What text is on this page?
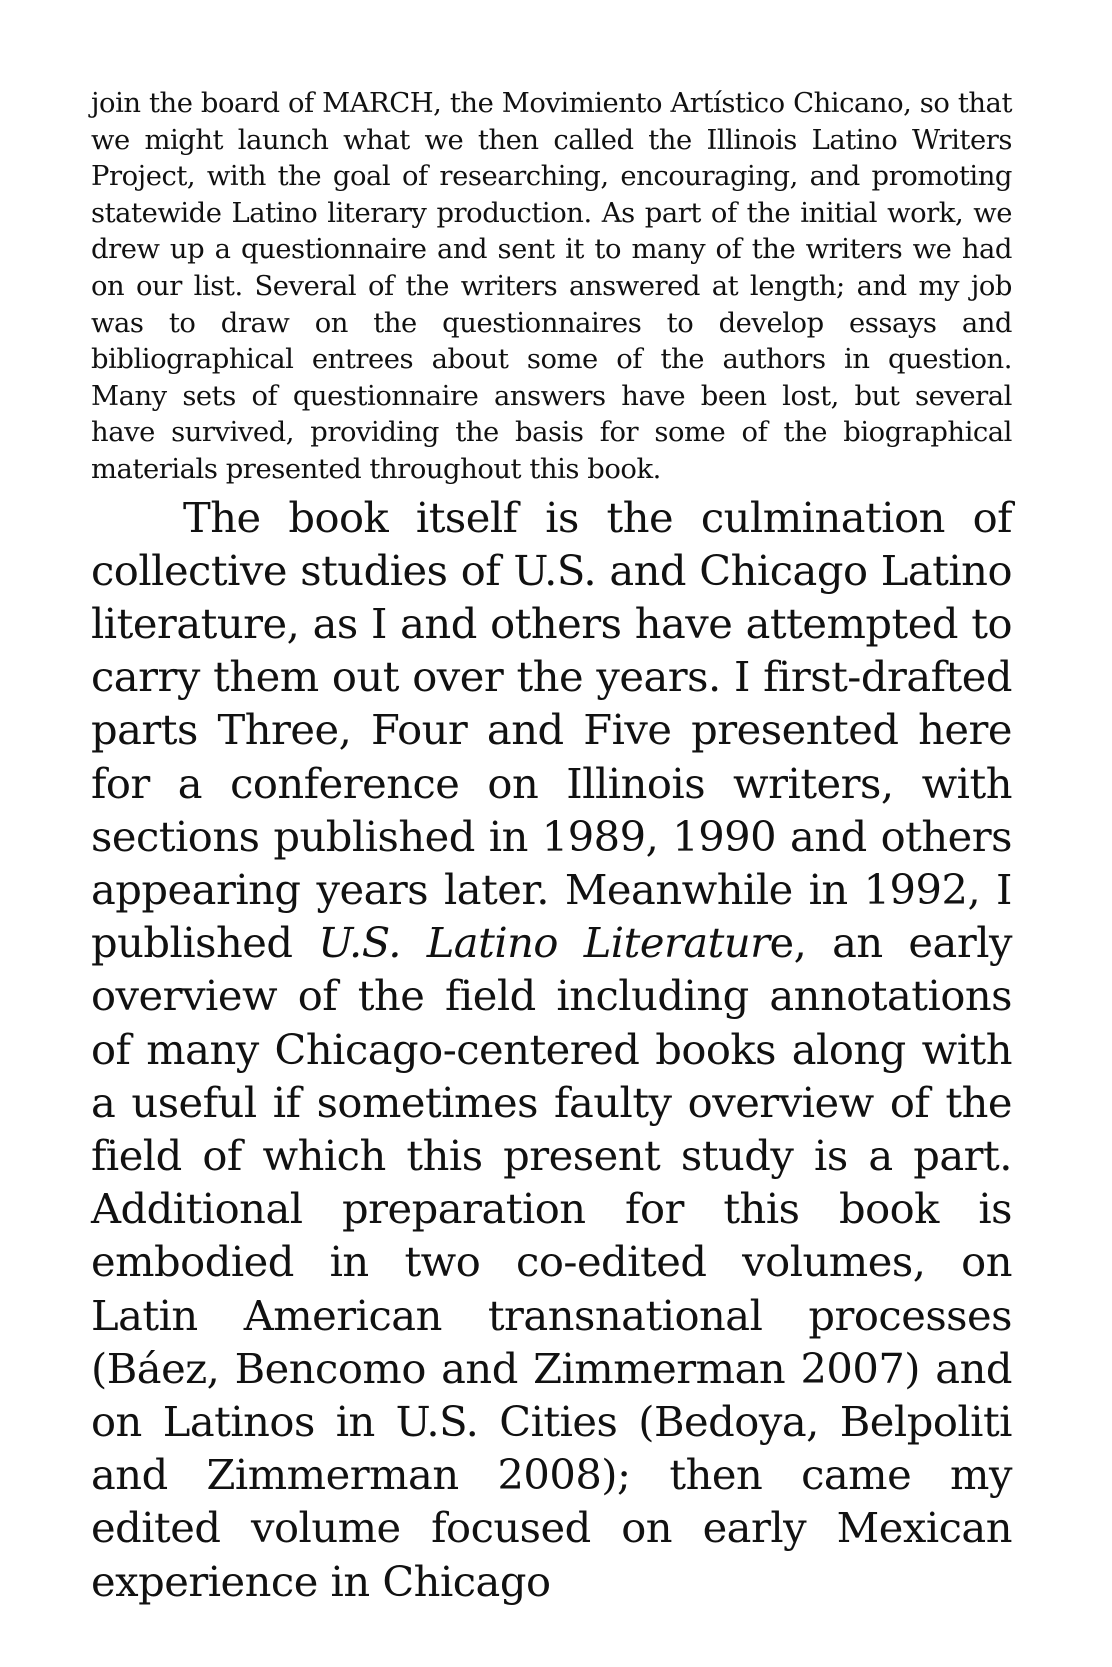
join the board of MARCH, the Movimiento Artístico Chicano, so that we might launch what we then called the Illinois Latino Writers Project, with the goal of researching, encouraging, and promoting statewide Latino literary production. As part of the initial work, we drew up a questionnaire and sent it to many of the writers we had on our list. Several of the writers answered at length; and my job was to draw on the questionnaires to develop essays and bibliographical entrees about some of the authors in question. Many sets of questionnaire answers have been lost, but several have survived, providing the basis for some of the biographical materials presented throughout this book.

The book itself is the culmination of collective studies of U.S. and Chicago Latino literature, as I and others have attempted to carry them out over the years. I first-drafted parts Three, Four and Five presented here for a conference on Illinois writers, with sections published in 1989, 1990 and others appearing years later. Meanwhile in 1992, I published U.S. Latino Literature, an early overview of the field including annotations of many Chicago-centered books along with a useful if sometimes faulty overview of the field of which this present study is a part. Additional preparation for this book is embodied in two co-edited volumes, on Latin American transnational processes (Báez, Bencomo and Zimmerman 2007) and on Latinos in U.S. Cities (Bedoya, Belpoliti and Zimmerman 2008); then came my edited volume focused on early Mexican experience in Chicago
